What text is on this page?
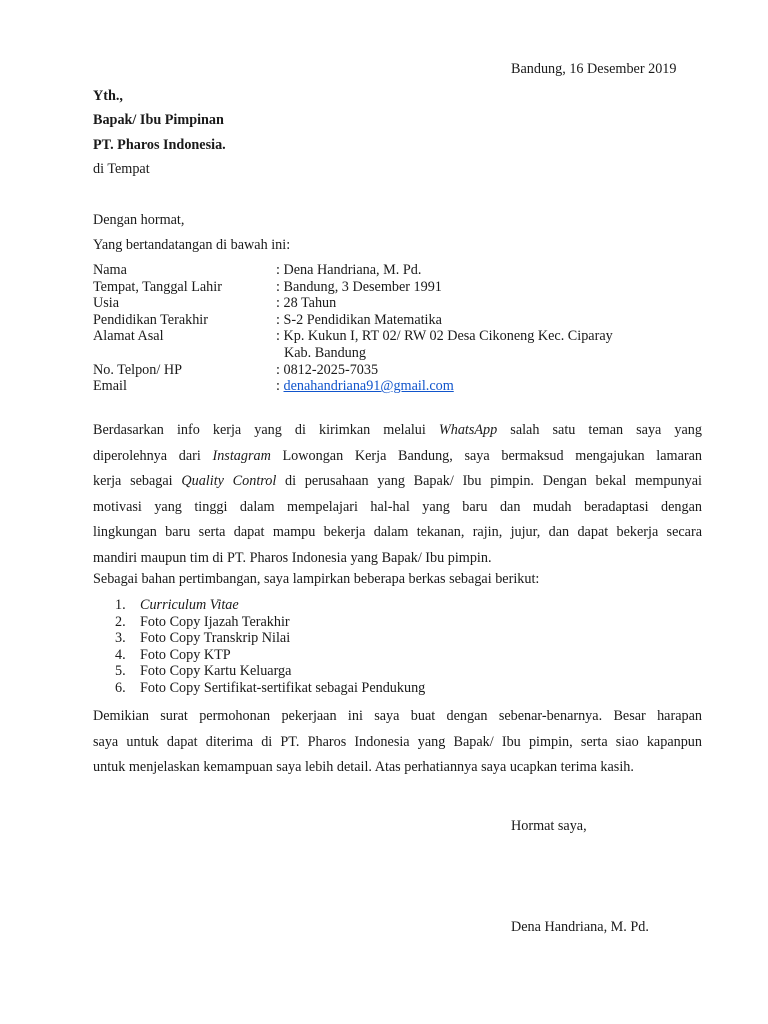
Bandung, 16 Desember 2019
Yth.,
Bapak/ Ibu Pimpinan
PT. Pharos Indonesia.
di Tempat
Dengan hormat,
Yang bertandatangan di bawah ini:
Nama	: Dena Handriana, M. Pd.
Tempat, Tanggal Lahir	: Bandung, 3 Desember 1991
Usia	: 28 Tahun
Pendidikan Terakhir	: S-2 Pendidikan Matematika
Alamat Asal	: Kp. Kukun I, RT 02/ RW 02 Desa Cikoneng Kec. Ciparay
Kab. Bandung
No. Telpon/ HP	: 0812-2025-7035
Email	: denahandriana91@gmail.com
Berdasarkan info kerja yang di kirimkan melalui WhatsApp salah satu teman saya yang
diperolehnya dari Instagram Lowongan Kerja Bandung, saya bermaksud mengajukan lamaran
kerja sebagai Quality Control di perusahaan yang Bapak/ Ibu pimpin. Dengan bekal mempunyai
motivasi yang tinggi dalam mempelajari hal-hal yang baru dan mudah beradaptasi dengan
lingkungan baru serta dapat mampu bekerja dalam tekanan, rajin, jujur, dan dapat bekerja secara
mandiri maupun tim di PT. Pharos Indonesia yang Bapak/ Ibu pimpin.
Sebagai bahan pertimbangan, saya lampirkan beberapa berkas sebagai berikut:
1.	Curriculum Vitae
2.	Foto Copy Ijazah Terakhir
3.	Foto Copy Transkrip Nilai
4.	Foto Copy KTP
5.	Foto Copy Kartu Keluarga
6.	Foto Copy Sertifikat-sertifikat sebagai Pendukung
Demikian surat permohonan pekerjaan ini saya buat dengan sebenar-benarnya. Besar harapan
saya untuk dapat diterima di PT. Pharos Indonesia yang Bapak/ Ibu pimpin, serta siao kapanpun
untuk menjelaskan kemampuan saya lebih detail. Atas perhatiannya saya ucapkan terima kasih.
Hormat saya,
Dena Handriana, M. Pd.
